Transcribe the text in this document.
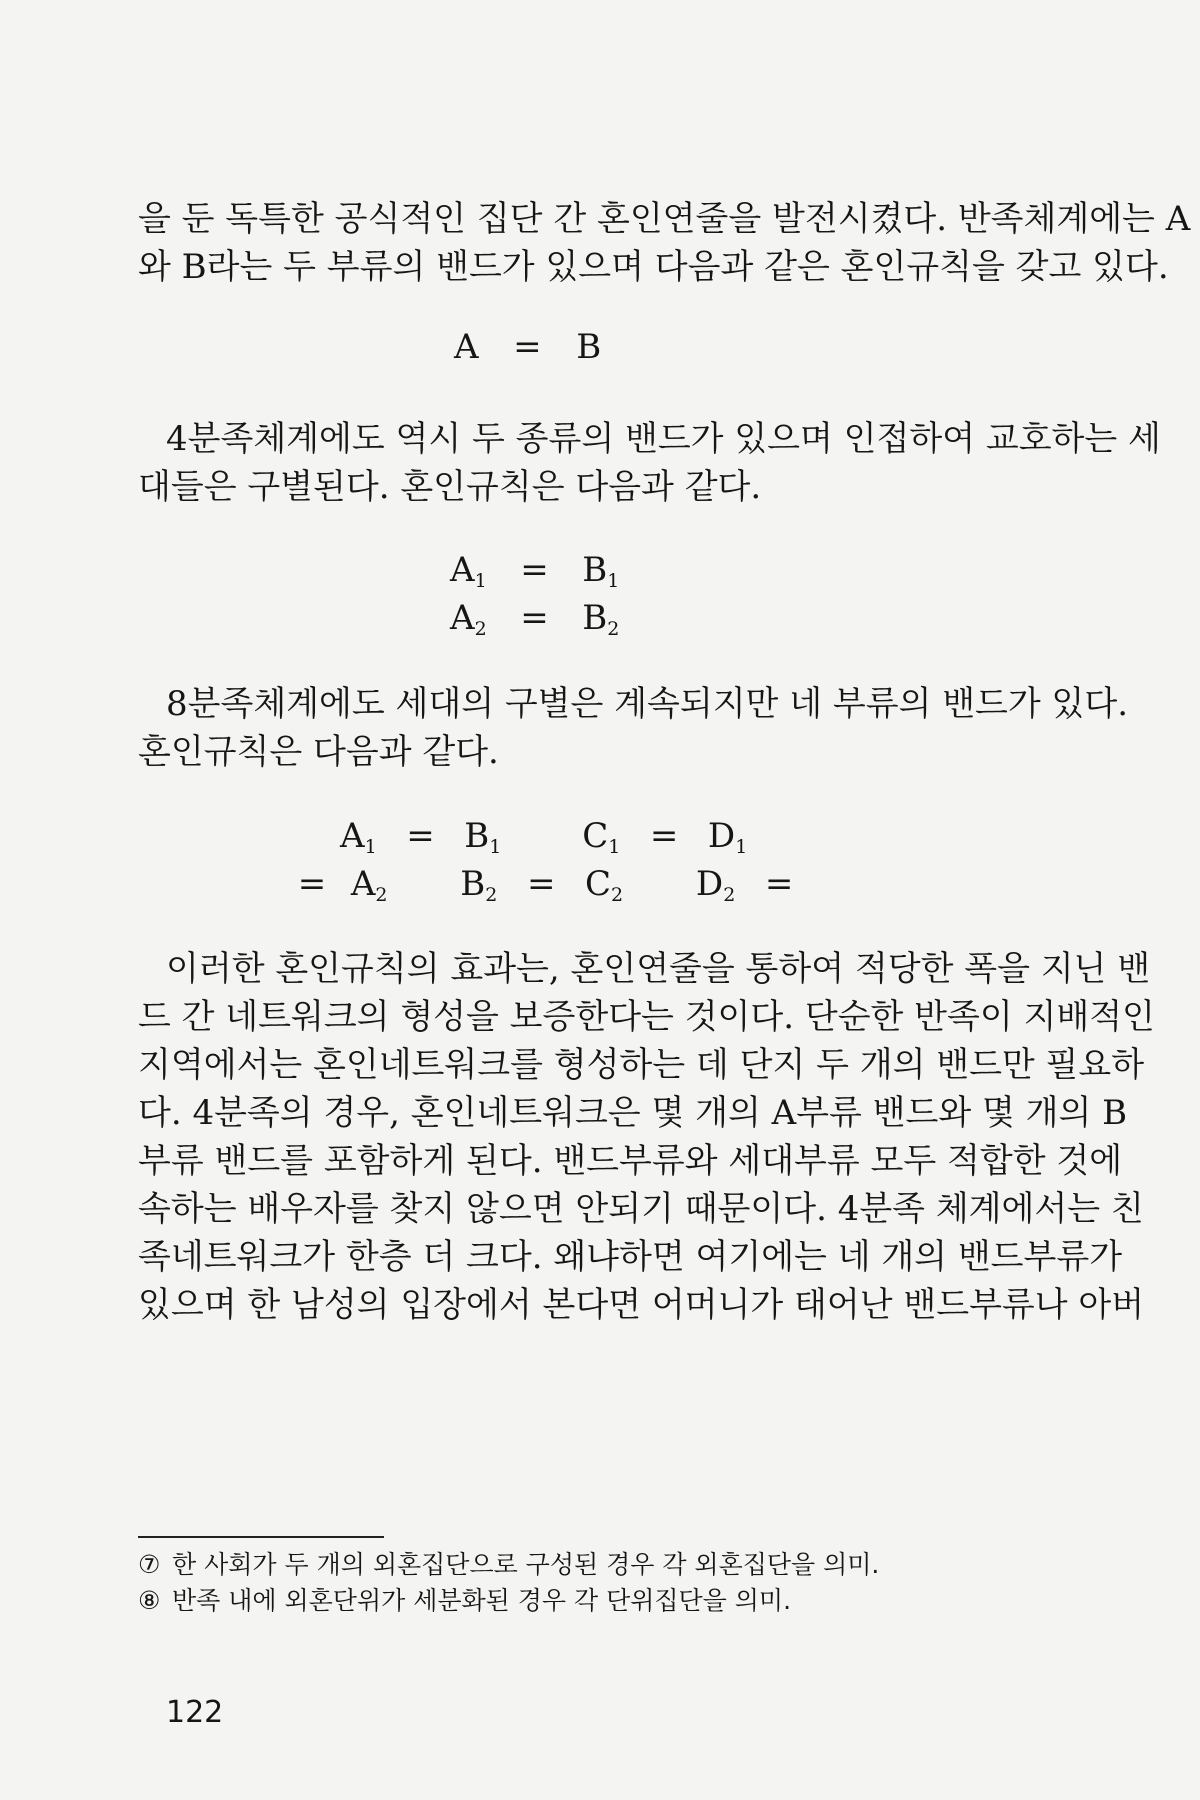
을 둔 독특한 공식적인 집단 간 혼인연줄을 발전시켰다. 반족체계에는 A
와 B라는 두 부류의 밴드가 있으며 다음과 같은 혼인규칙을 갖고 있다.
A = B
4분족체계에도 역시 두 종류의 밴드가 있으며 인접하여 교호하는 세
대들은 구별된다. 혼인규칙은 다음과 같다.
$A_1 = B_1$
$A_2 = B_2$
8분족체계에도 세대의 구별은 계속되지만 네 부류의 밴드가 있다.
혼인규칙은 다음과 같다.
$A_1 = B_1$ $C_1 = D_1$
= $A_2$ $B_2 = C_2$ $D_2$ =
이러한 혼인규칙의 효과는, 혼인연줄을 통하여 적당한 폭을 지닌 밴
드 간 네트워크의 형성을 보증한다는 것이다. 단순한 반족이 지배적인
지역에서는 혼인네트워크를 형성하는 데 단지 두 개의 밴드만 필요하
다. 4분족의 경우, 혼인네트워크은 몇 개의 A부류 밴드와 몇 개의 B
부류 밴드를 포함하게 된다. 밴드부류와 세대부류 모두 적합한 것에
속하는 배우자를 찾지 않으면 안되기 때문이다. 4분족 체계에서는 친
족네트워크가 한층 더 크다. 왜냐하면 여기에는 네 개의 밴드부류가
있으며 한 남성의 입장에서 본다면 어머니가 태어난 밴드부류나 아버
⑦ 한 사회가 두 개의 외혼집단으로 구성된 경우 각 외혼집단을 의미.
⑧ 반족 내에 외혼단위가 세분화된 경우 각 단위집단을 의미.
122
